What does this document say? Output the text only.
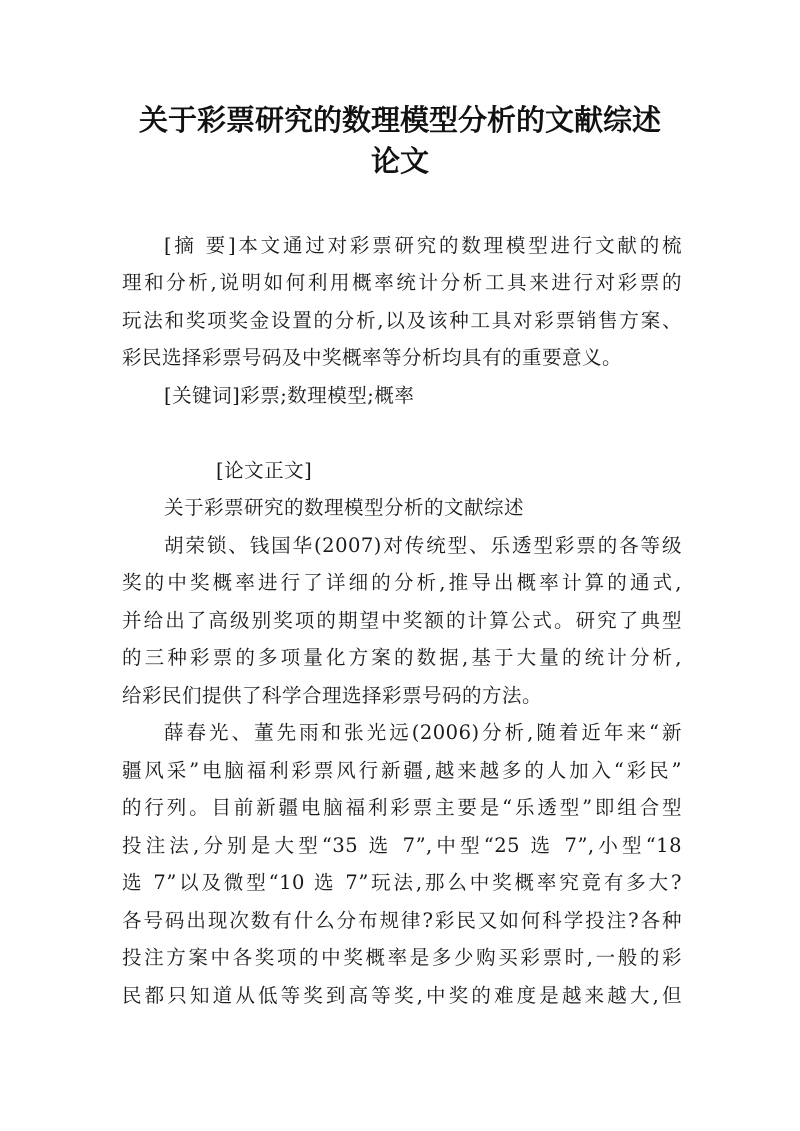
关于彩票研究的数理模型分析的文献综述
论文
[摘 要]本文通过对彩票研究的数理模型进行文献的梳
理和分析,说明如何利用概率统计分析工具来进行对彩票的
玩法和奖项奖金设置的分析,以及该种工具对彩票销售方案、
彩民选择彩票号码及中奖概率等分析均具有的重要意义。
[关键词]彩票;数理模型;概率
[论文正文]
关于彩票研究的数理模型分析的文献综述
胡荣锁、钱国华(2007)对传统型、乐透型彩票的各等级
奖的中奖概率进行了详细的分析,推导出概率计算的通式,
并给出了高级别奖项的期望中奖额的计算公式。研究了典型
的三种彩票的多项量化方案的数据,基于大量的统计分析,
给彩民们提供了科学合理选择彩票号码的方法。
薛春光、董先雨和张光远(2006)分析,随着近年来“新
疆风采”电脑福利彩票风行新疆,越来越多的人加入“彩民”
的行列。目前新疆电脑福利彩票主要是“乐透型”即组合型
投注法,分别是大型“35 选 7”,中型“25 选 7”,小型“18
选 7”以及微型“10 选 7”玩法,那么中奖概率究竟有多大?
各号码出现次数有什么分布规律?彩民又如何科学投注?各种
投注方案中各奖项的中奖概率是多少购买彩票时,一般的彩
民都只知道从低等奖到高等奖,中奖的难度是越来越大,但
